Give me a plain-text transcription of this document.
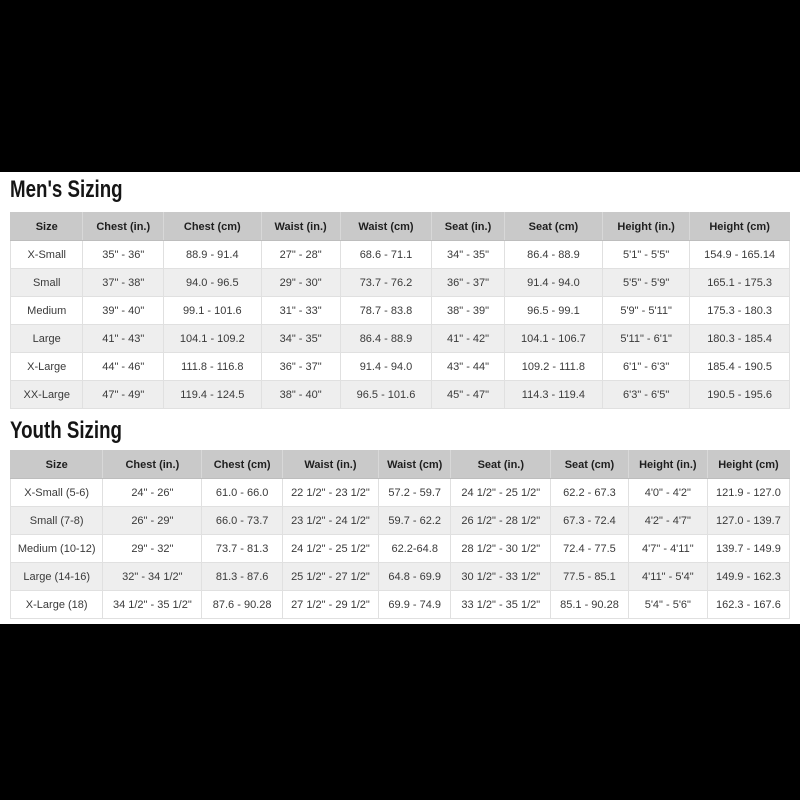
Men's Sizing
Size	Chest (in.)	Chest (cm)	Waist (in.)	Waist (cm)	Seat (in.)	Seat (cm)	Height (in.)	Height (cm)
X-Small	35" - 36"	88.9 - 91.4	27" - 28"	68.6 - 71.1	34" - 35"	86.4 - 88.9	5'1" - 5'5"	154.9 - 165.14
Small	37" - 38"	94.0 - 96.5	29" - 30"	73.7 - 76.2	36" - 37"	91.4 - 94.0	5'5" - 5'9"	165.1 - 175.3
Medium	39" - 40"	99.1 - 101.6	31" - 33"	78.7 - 83.8	38" - 39"	96.5 - 99.1	5'9" - 5'11"	175.3 - 180.3
Large	41" - 43"	104.1 - 109.2	34" - 35"	86.4 - 88.9	41" - 42"	104.1 - 106.7	5'11" - 6'1"	180.3 - 185.4
X-Large	44" - 46"	111.8 - 116.8	36" - 37"	91.4 - 94.0	43" - 44"	109.2 - 111.8	6'1" - 6'3"	185.4 - 190.5
XX-Large	47" - 49"	119.4 - 124.5	38" - 40"	96.5 - 101.6	45" - 47"	114.3 - 119.4	6'3" - 6'5"	190.5 - 195.6
Youth Sizing
Size	Chest (in.)	Chest (cm)	Waist (in.)	Waist (cm)	Seat (in.)	Seat (cm)	Height (in.)	Height (cm)
X-Small (5-6)	24" - 26"	61.0 - 66.0	22 1/2" - 23 1/2"	57.2 - 59.7	24 1/2" - 25 1/2"	62.2 - 67.3	4'0" - 4'2"	121.9 - 127.0
Small (7-8)	26" - 29"	66.0 - 73.7	23 1/2" - 24 1/2"	59.7 - 62.2	26 1/2" - 28 1/2"	67.3 - 72.4	4'2" - 4'7"	127.0 - 139.7
Medium (10-12)	29" - 32"	73.7 - 81.3	24 1/2" - 25 1/2"	62.2-64.8	28 1/2" - 30 1/2"	72.4 - 77.5	4'7" - 4'11"	139.7 - 149.9
Large (14-16)	32" - 34 1/2"	81.3 - 87.6	25 1/2" - 27 1/2"	64.8 - 69.9	30 1/2" - 33 1/2"	77.5 - 85.1	4'11" - 5'4"	149.9 - 162.3
X-Large (18)	34 1/2" - 35 1/2"	87.6 - 90.28	27 1/2" - 29 1/2"	69.9 - 74.9	33 1/2" - 35 1/2"	85.1 - 90.28	5'4" - 5'6"	162.3 - 167.6
